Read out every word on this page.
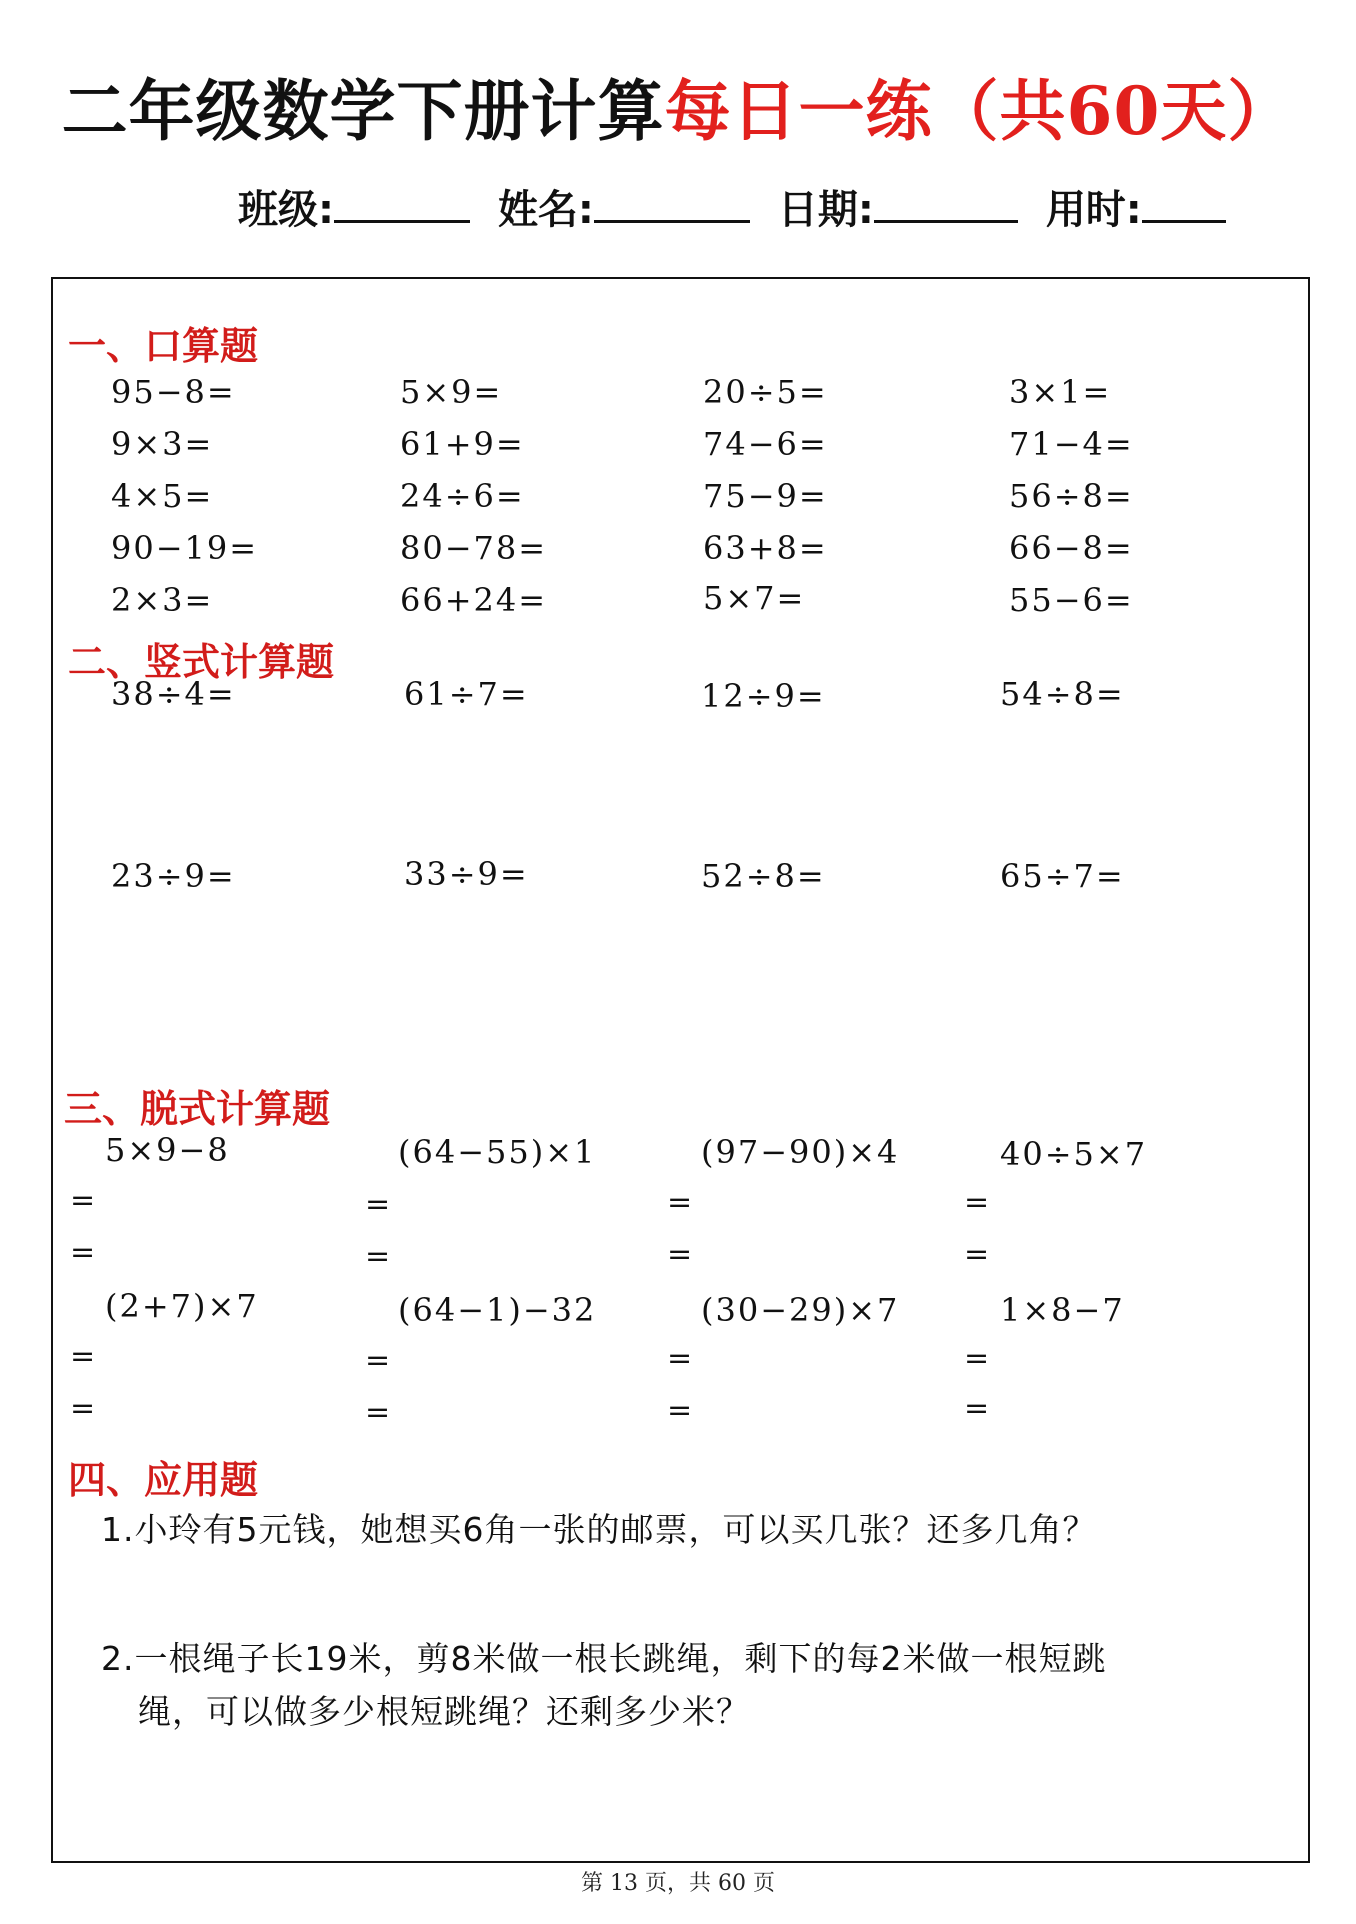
二年级数学下册计算每日一练（共60天）
班级:	姓名:	日期:	用时:
一、口算题
95−8=	5×9=	20÷5=	3×1=
9×3=	61+9=	74−6=	71−4=
4×5=	24÷6=	75−9=	56÷8=
90−19=	80−78=	63+8=	66−8=
2×3=	66+24=	5×7=	55−6=
二、竖式计算题
38÷4=	61÷7=	12÷9=	54÷8=
23÷9=	33÷9=	52÷8=	65÷7=
三、脱式计算题
5×9−8	(64−55)×1	(97−90)×4	40÷5×7
=	=	=	=
=	=	=	=
(2+7)×7	(64−1)−32	(30−29)×7	1×8−7
=	=	=	=
=	=	=	=
四、应用题
1.小玲有5元钱，她想买6角一张的邮票，可以买几张？还多几角？
2.一根绳子长19米，剪8米做一根长跳绳，剩下的每2米做一根短跳
绳，可以做多少根短跳绳？还剩多少米？
第 13 页，共 60 页
